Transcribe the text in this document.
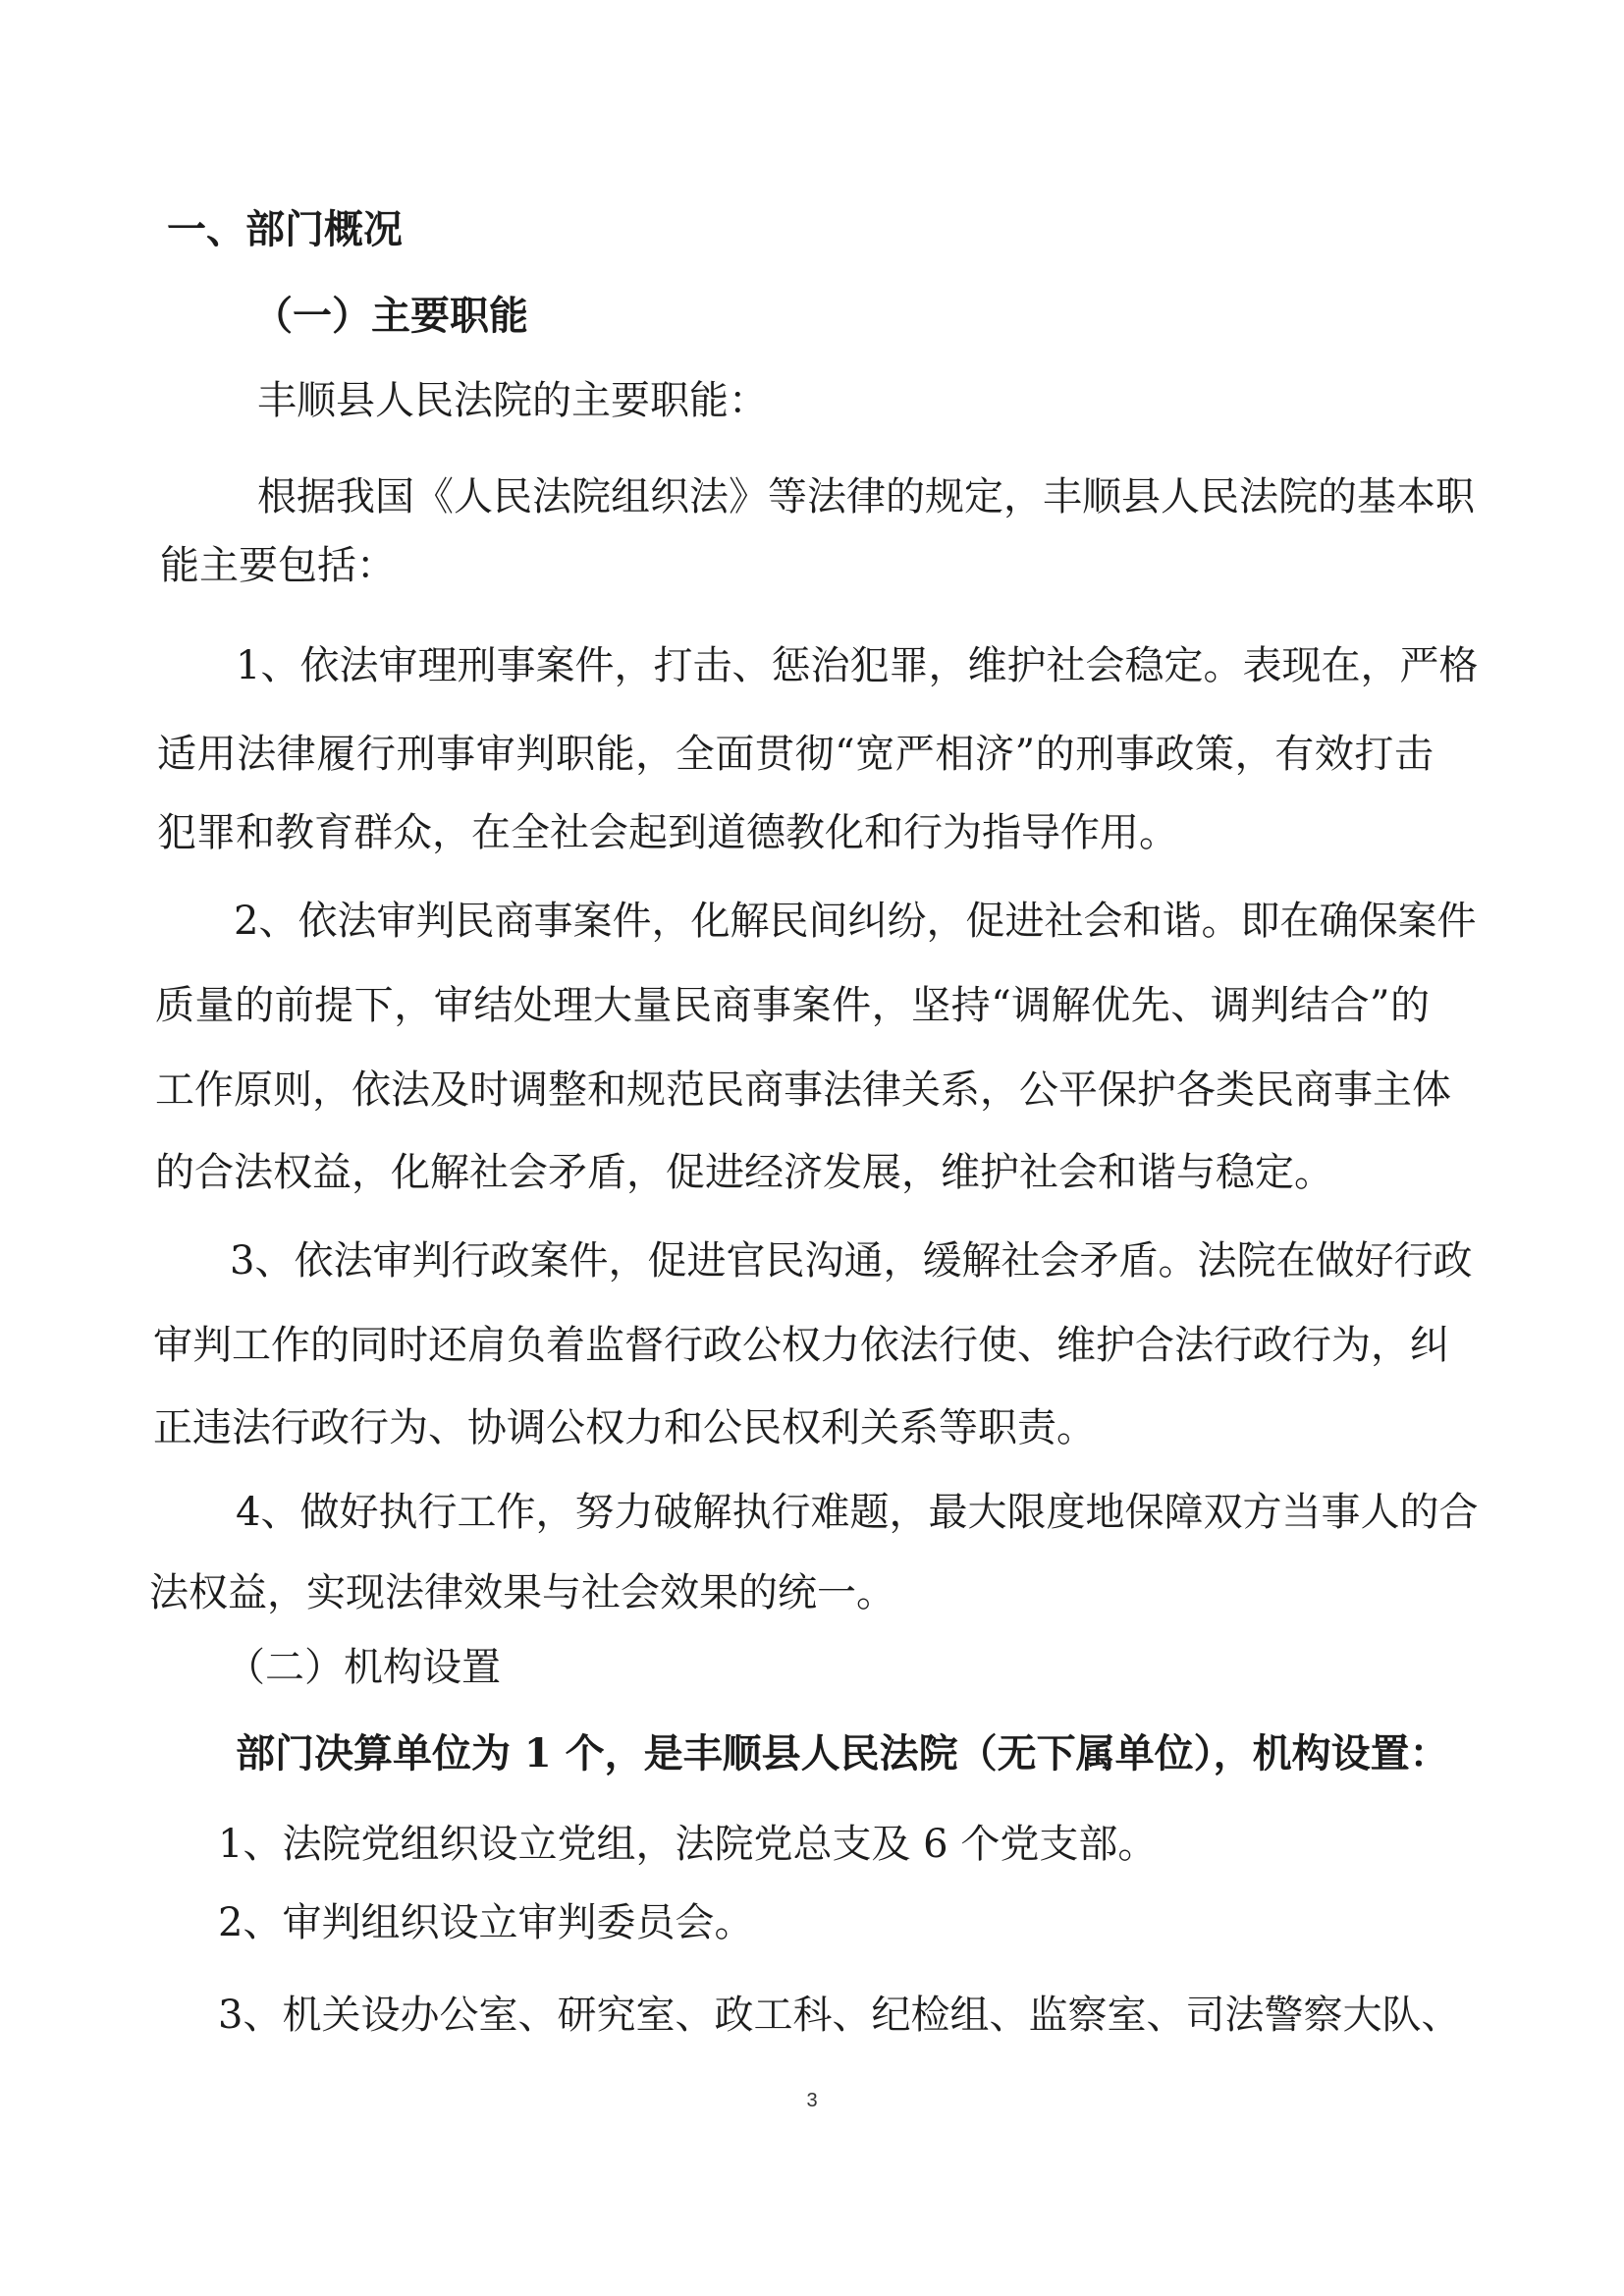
一、部门概况
（一）主要职能
丰顺县人民法院的主要职能：
根据我国《人民法院组织法》等法律的规定，丰顺县人民法院的基本职
能主要包括：
1、依法审理刑事案件，打击、惩治犯罪，维护社会稳定。表现在，严格
适用法律履行刑事审判职能，全面贯彻“宽严相济”的刑事政策，有效打击
犯罪和教育群众，在全社会起到道德教化和行为指导作用。
2、依法审判民商事案件，化解民间纠纷，促进社会和谐。即在确保案件
质量的前提下，审结处理大量民商事案件，坚持“调解优先、调判结合”的
工作原则，依法及时调整和规范民商事法律关系，公平保护各类民商事主体
的合法权益，化解社会矛盾，促进经济发展，维护社会和谐与稳定。
3、依法审判行政案件，促进官民沟通，缓解社会矛盾。法院在做好行政
审判工作的同时还肩负着监督行政公权力依法行使、维护合法行政行为，纠
正违法行政行为、协调公权力和公民权利关系等职责。
4、做好执行工作，努力破解执行难题，最大限度地保障双方当事人的合
法权益，实现法律效果与社会效果的统一。
（二）机构设置
部门决算单位为 1 个，是丰顺县人民法院（无下属单位），机构设置：
1、法院党组织设立党组，法院党总支及 6 个党支部。
2、审判组织设立审判委员会。
3、机关设办公室、研究室、政工科、纪检组、监察室、司法警察大队、
3
